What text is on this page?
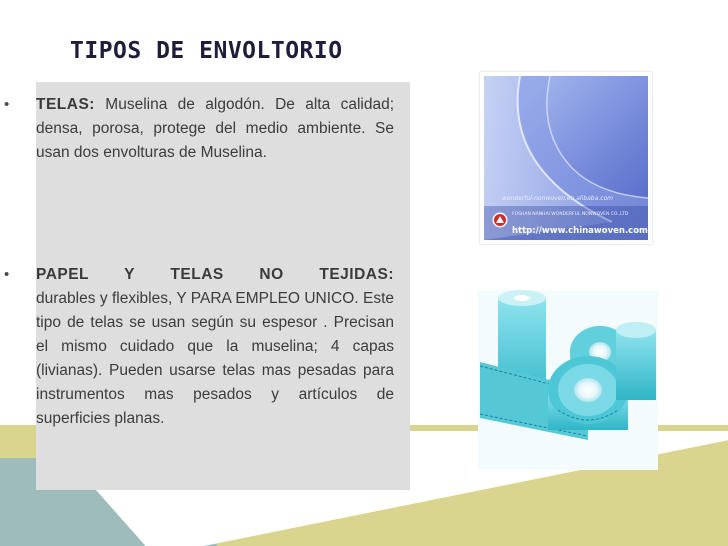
TIPOS DE ENVOLTORIO
• TELAS: Muselina de algodón. De alta calidad; densa, porosa, protege del medio ambiente. Se usan dos envolturas de Muselina.
• PAPEL Y TELAS NO TEJIDAS:
durables y flexibles, Y PARA EMPLEO UNICO. Este tipo de telas se usan según su espesor . Precisan el mismo cuidado que la muselina; 4 capas (livianas). Pueden usarse telas mas pesadas para instrumentos mas pesados y artículos de superficies planas.
wonderful-nonwoven.en.alibaba.com
FOSHAN NANHAI WONDERFUL NONWOVEN CO.,LTD
http://www.chinawoven.com
